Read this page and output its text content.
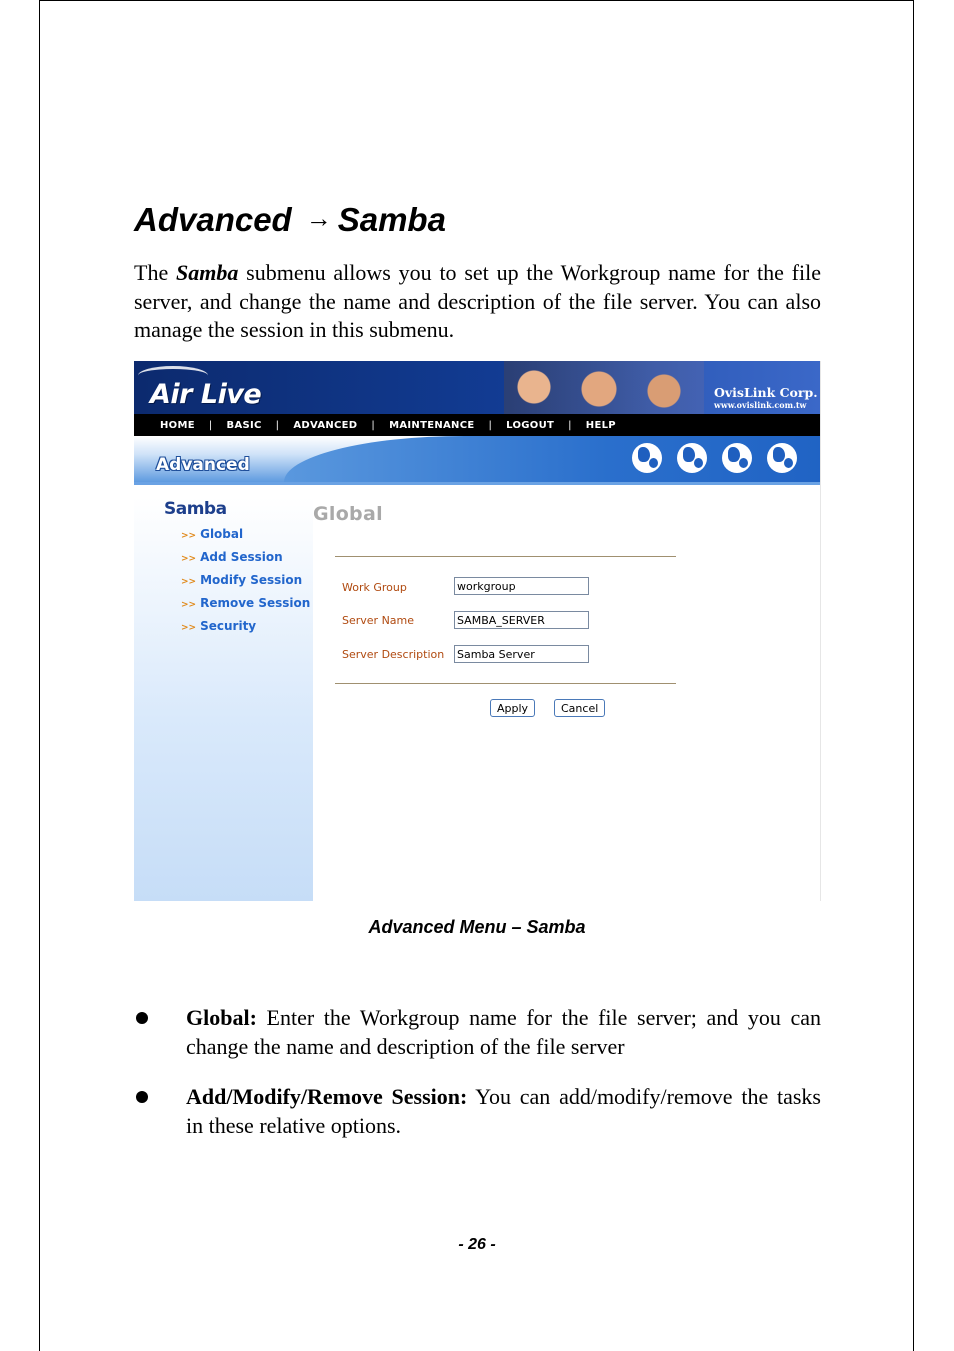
Advanced → Samba
The Samba submenu allows you to set up the Workgroup name for the file server, and change the name and description of the file server. You can also manage the session in this submenu.
Air Live	OvisLink Corp.
www.ovislink.com.tw
HOME | BASIC | ADVANCED | MAINTENANCE | LOGOUT | HELP
Advanced
Samba
>> Global
>> Add Session
>> Modify Session
>> Remove Session
>> Security
Global
Work Group
workgroup
Server Name
SAMBA_SERVER
Server Description
Samba Server
Apply	Cancel
Advanced Menu – Samba
Global: Enter the Workgroup name for the file server; and you can change the name and description of the file server
Add/Modify/Remove Session: You can add/modify/remove the tasks in these relative options.
- 26 -
